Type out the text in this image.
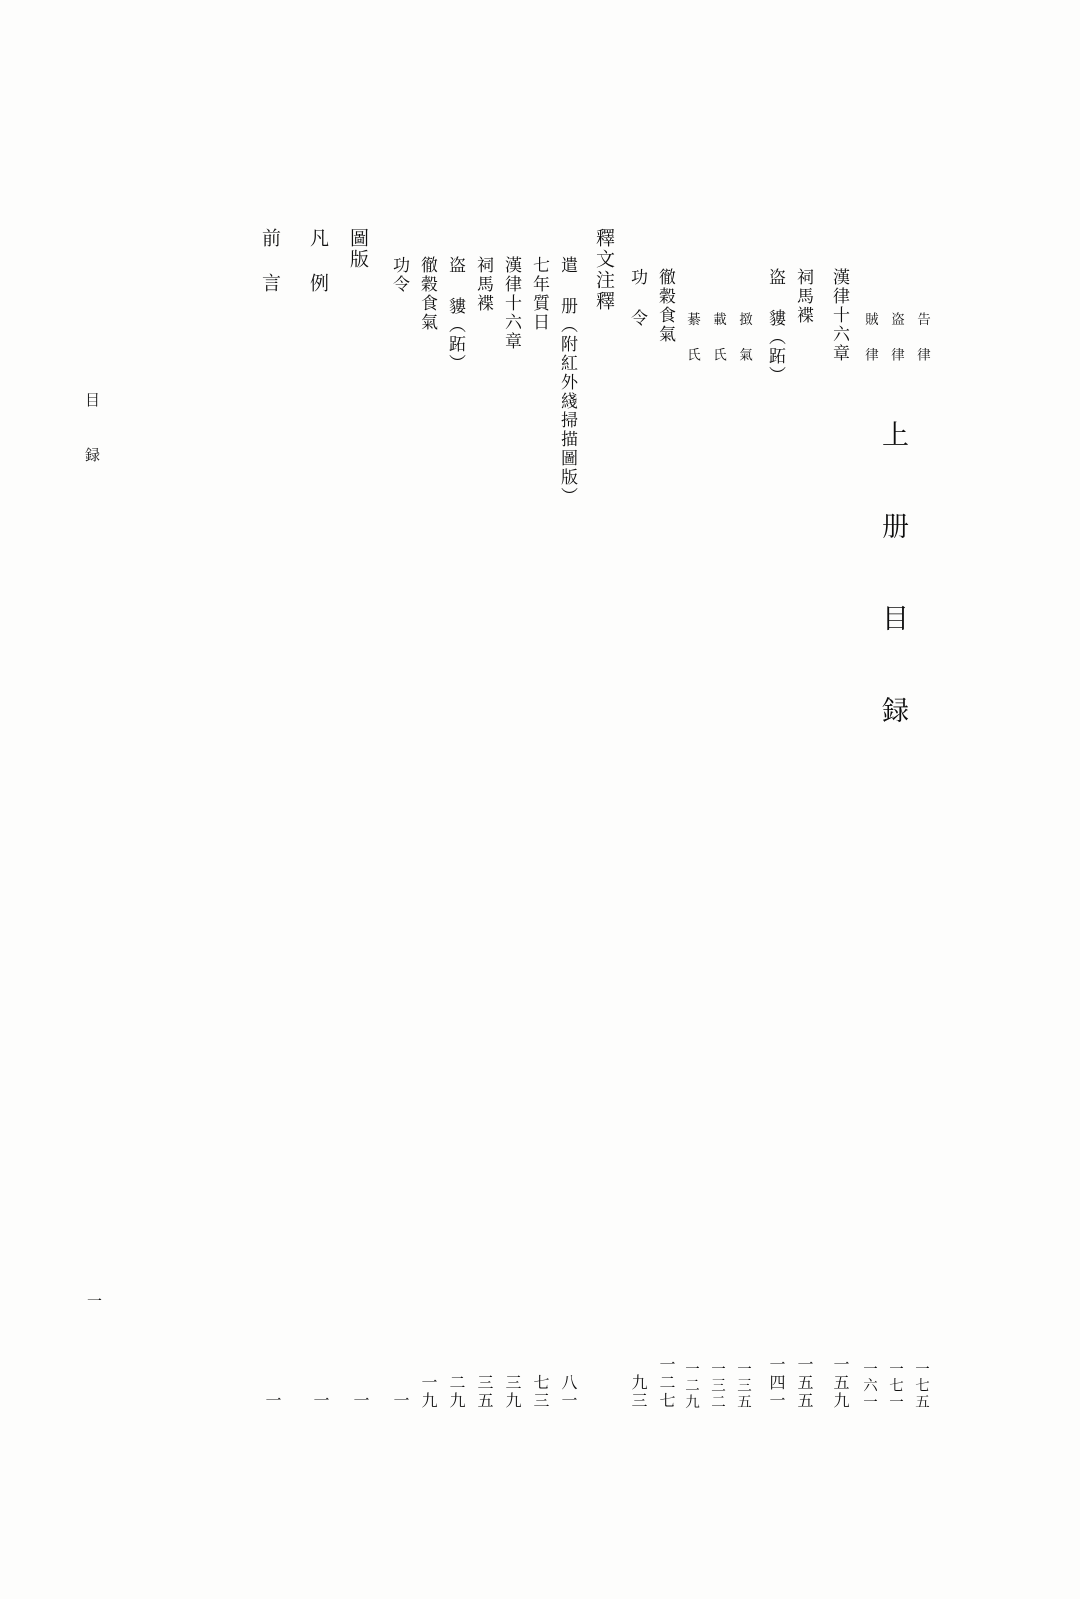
上 册 目 録
目 録
一
前 言
一
凡 例
一
圖版
一
功令
一
徹穀食氣
一九
盗 貗（跖）
二九
祠馬褋
三五
漢律十六章
三九
七年質日
七三
遣 册（附紅外綫掃描圖版）
八一
釋文注釋 功 令
九三
徹穀食氣
一二七
綦 氏
一二九
載 氏
一三二
㨖 氣
一三五
盗 貗（跖）
一四一
祠馬褋
一五五
漢律十六章
一五九
賊 律
一六一
盗 律
一七一
告 律
一七五
